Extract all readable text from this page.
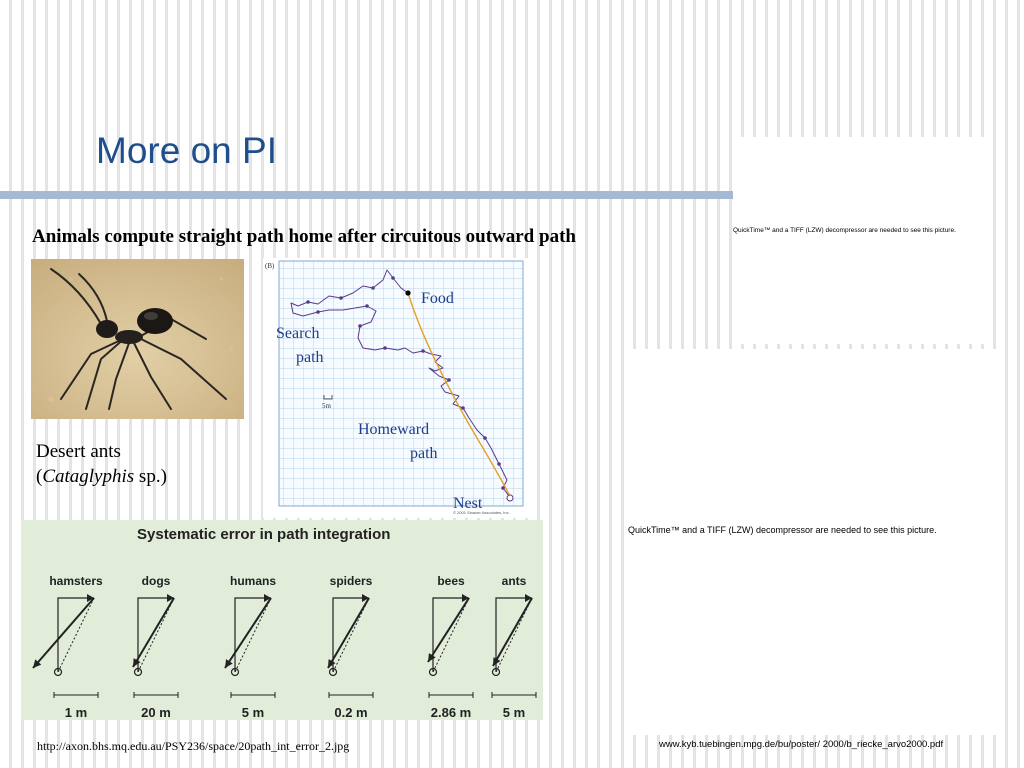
More on PI
Animals compute straight path home after circuitous outward path
Desert ants
(Cataglyphis sp.)
(B)
5m
Food
Search
path
Homeward
path
Nest
© 2001 Sinauer Associates, Inc.
Systematic error in path integration
hamsters
1 m
dogs
20 m
humans
5 m
spiders
0.2 m
bees
2.86 m
ants
5 m
QuickTime™ and a TIFF (LZW) decompressor are needed to see this picture.
QuickTime™ and a TIFF (LZW) decompressor are needed to see this picture.
http://axon.bhs.mq.edu.au/PSY236/space/20path_int_error_2.jpg	www.kyb.tuebingen.mpg.de/bu/poster/ 2000/b_riecke_arvo2000.pdf
